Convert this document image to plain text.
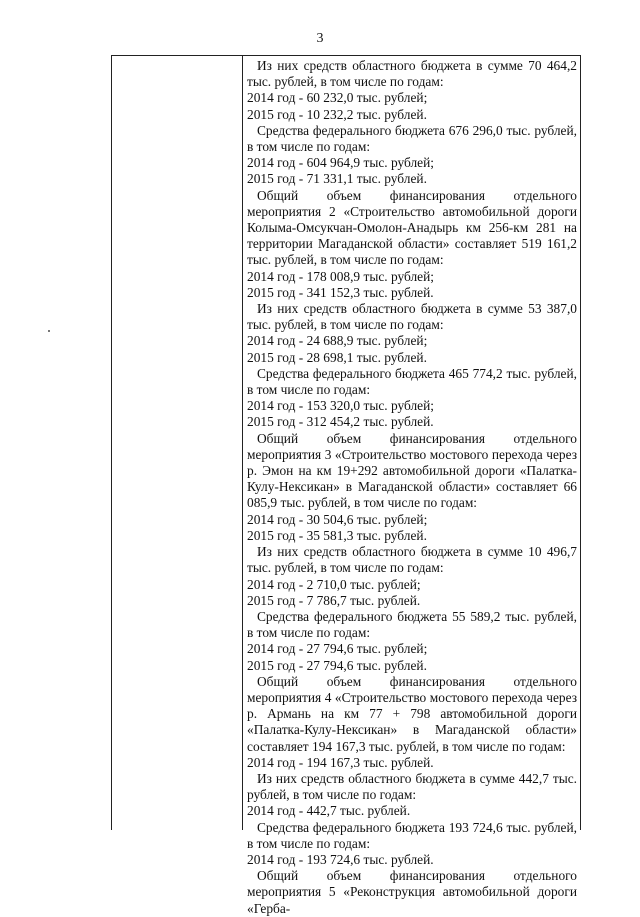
3

Из них средств областного бюджета в сумме 70 464,2 тыс. рублей, в том числе по годам:

2014 год - 60 232,0 тыс. рублей;

2015 год - 10 232,2 тыс. рублей.

Средства федерального бюджета 676 296,0 тыс. рублей, в том числе по годам:

2014 год - 604 964,9 тыс. рублей;

2015 год - 71 331,1 тыс. рублей.

Общий объем финансирования отдельного мероприятия 2 «Строительство автомобильной дороги Колыма-Омсукчан-Омолон-Анадырь км 256-км 281 на территории Магаданской области» составляет 519 161,2 тыс. рублей, в том числе по годам:

2014 год - 178 008,9 тыс. рублей;

2015 год - 341 152,3 тыс. рублей.

Из них средств областного бюджета в сумме 53 387,0 тыс. рублей, в том числе по годам:

2014 год - 24 688,9 тыс. рублей;

2015 год - 28 698,1 тыс. рублей.

Средства федерального бюджета 465 774,2 тыс. рублей, в том числе по годам:

2014 год - 153 320,0 тыс. рублей;

2015 год - 312 454,2 тыс. рублей.

Общий объем финансирования отдельного мероприятия 3 «Строительство мостового перехода через р. Эмон на км 19+292 автомобильной дороги «Палатка-Кулу-Нексикан» в Магаданской области» составляет 66 085,9 тыс. рублей, в том числе по годам:

2014 год - 30 504,6 тыс. рублей;

2015 год - 35 581,3 тыс. рублей.

Из них средств областного бюджета в сумме 10 496,7 тыс. рублей, в том числе по годам:

2014 год - 2 710,0 тыс. рублей;

2015 год - 7 786,7 тыс. рублей.

Средства федерального бюджета 55 589,2 тыс. рублей, в том числе по годам:

2014 год - 27 794,6 тыс. рублей;

2015 год - 27 794,6 тыс. рублей.

Общий объем финансирования отдельного мероприятия 4 «Строительство мостового перехода через р. Армань на км 77 + 798 автомобильной дороги «Палатка-Кулу-Нексикан» в Магаданской области» составляет 194 167,3 тыс. рублей, в том числе по годам:

2014 год - 194 167,3 тыс. рублей.

Из них средств областного бюджета в сумме 442,7 тыс. рублей, в том числе по годам:

2014 год - 442,7 тыс. рублей.

Средства федерального бюджета 193 724,6 тыс. рублей, в том числе по годам:

2014 год - 193 724,6 тыс. рублей.

Общий объем финансирования отдельного мероприятия 5 «Реконструкция автомобильной дороги «Герба-
